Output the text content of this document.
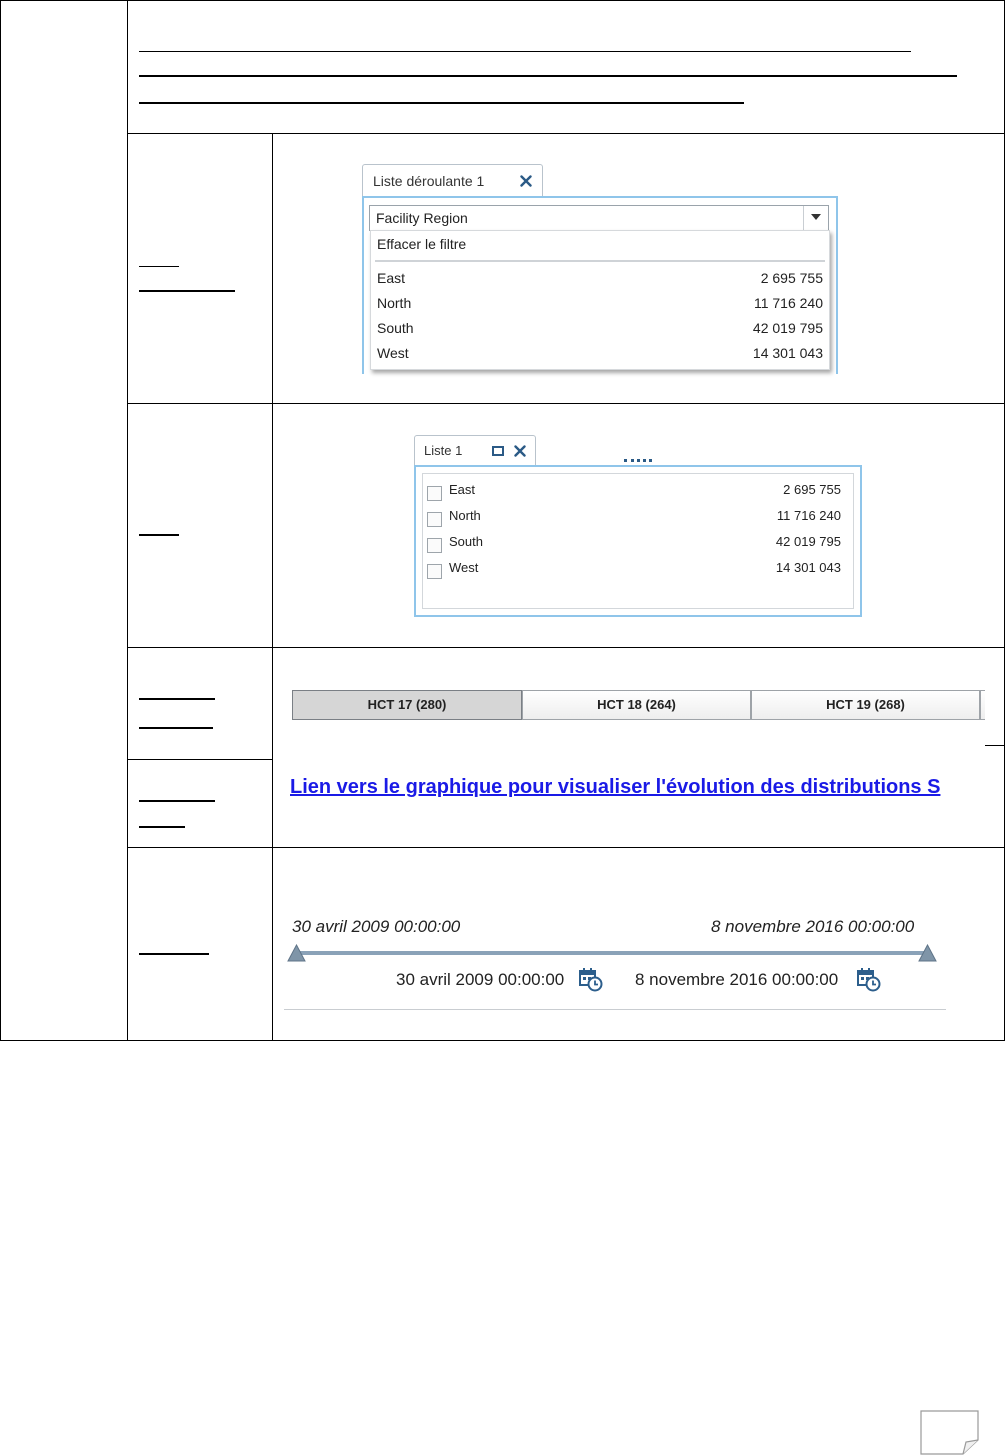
Liste déroulante 1
Facility Region
Effacer le filtre
East	2 695 755
North	11 716 240
South	42 019 795
West	14 301 043
Liste 1
East	2 695 755
North	11 716 240
South	42 019 795
West	14 301 043
HCT 17 (280)	HCT 18 (264)	HCT 19 (268)
Lien vers le graphique pour visualiser l'évolution des distributions S
30 avril 2009 00:00:00	8 novembre 2016 00:00:00
30 avril 2009 00:00:00	8 novembre 2016 00:00:00
